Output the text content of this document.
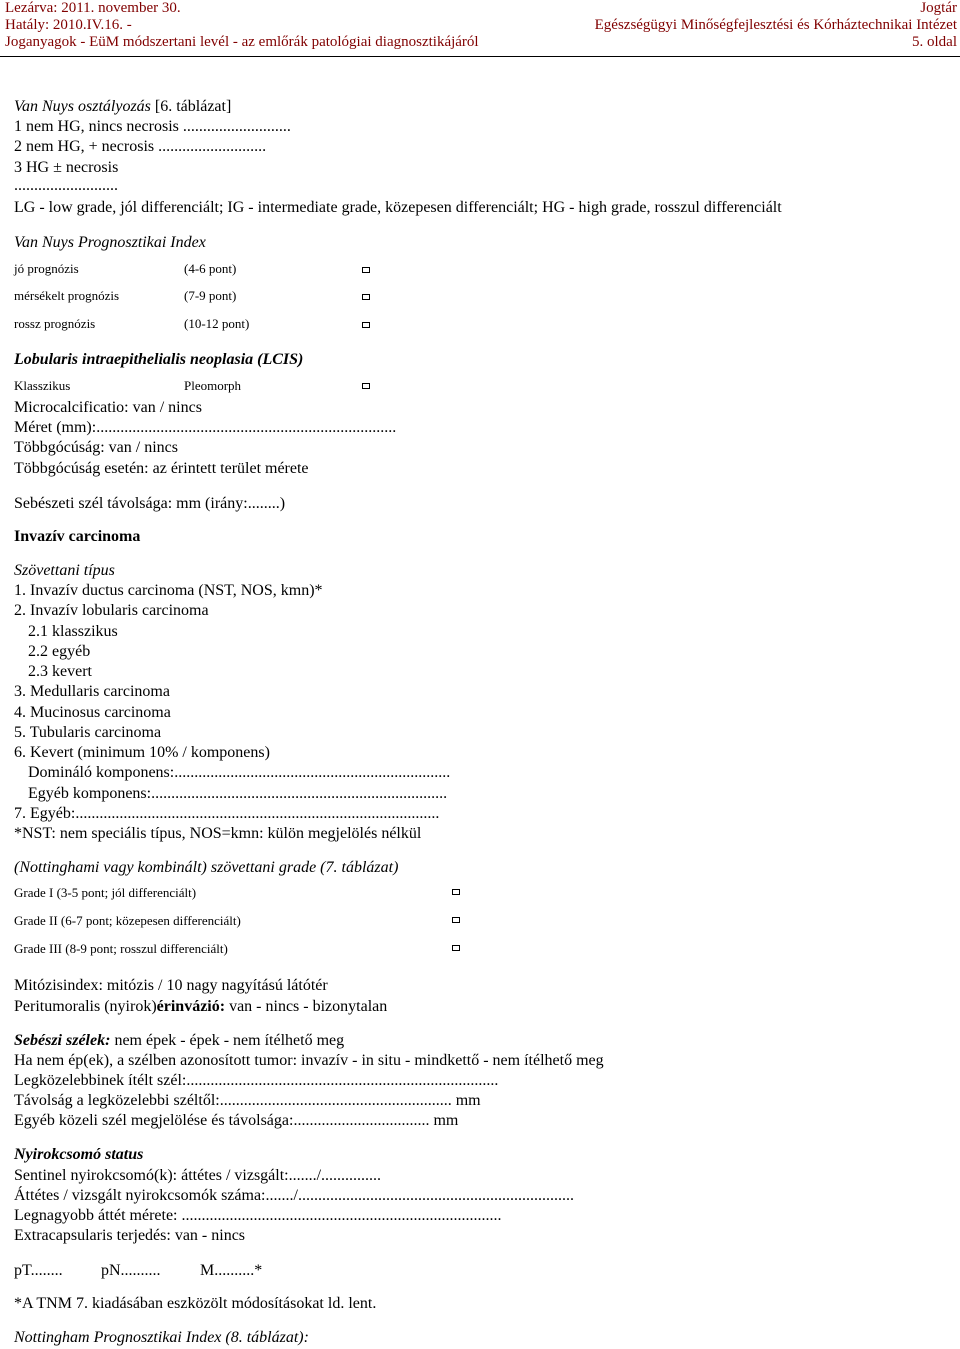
Lezárva: 2011. november 30.
Hatály: 2010.IV.16. -
Joganyagok - EüM módszertani levél - az emlőrák patológiai diagnosztikájáról
Jogtár
Egészségügyi Minőségfejlesztési és Kórháztechnikai Intézet
5. oldal
Van Nuys osztályozás [6. táblázat]
1 nem HG, nincs necrosis ...........................
2 nem HG, + necrosis ...........................
3 HG ± necrosis
..........................
LG - low grade, jól differenciált; IG - intermediate grade, közepesen differenciált; HG - high grade, rosszul differenciált
Van Nuys Prognosztikai Index
jó prognózis	(4-6 pont)
mérsékelt prognózis	(7-9 pont)
rossz prognózis	(10-12 pont)
Lobularis intraepithelialis neoplasia (LCIS)
Klasszikus	Pleomorph
Microcalcificatio: van / nincs
Méret (mm):...........................................................................
Többgócúság: van / nincs
Többgócúság esetén: az érintett terület mérete
Sebészeti szél távolsága: mm (irány:........)
Invazív carcinoma
Szövettani típus
1. Invazív ductus carcinoma (NST, NOS, kmn)*
2. Invazív lobularis carcinoma
2.1 klasszikus
2.2 egyéb
2.3 kevert
3. Medullaris carcinoma
4. Mucinosus carcinoma
5. Tubularis carcinoma
6. Kevert (minimum 10% / komponens)
Domináló komponens:.....................................................................
Egyéb komponens:..........................................................................
7. Egyéb:...........................................................................................
*NST: nem speciális típus, NOS=kmn: külön megjelölés nélkül
(Nottinghami vagy kombinált) szövettani grade (7. táblázat)
Grade I (3-5 pont; jól differenciált)
Grade II (6-7 pont; közepesen differenciált)
Grade III (8-9 pont; rosszul differenciált)
Mitózisindex: mitózis / 10 nagy nagyítású látótér
Peritumoralis (nyirok)érinvázió: van - nincs - bizonytalan
Sebészi szélek: nem épek - épek - nem ítélhető meg
Ha nem ép(ek), a szélben azonosított tumor: invazív - in situ - mindkettő - nem ítélhető meg
Legközelebbinek ítélt szél:..............................................................................
Távolság a legközelebbi széltől:.......................................................... mm
Egyéb közeli szél megjelölése és távolsága:.................................. mm
Nyirokcsomó status
Sentinel nyirokcsomó(k): áttétes / vizsgált:......./...............
Áttétes / vizsgált nyirokcsomók száma:......./.....................................................................
Legnagyobb áttét mérete: ................................................................................
Extracapsularis terjedés: van - nincs
pT........ pN.......... M..........*
*A TNM 7. kiadásában eszközölt módosításokat ld. lent.
Nottingham Prognosztikai Index (8. táblázat):
